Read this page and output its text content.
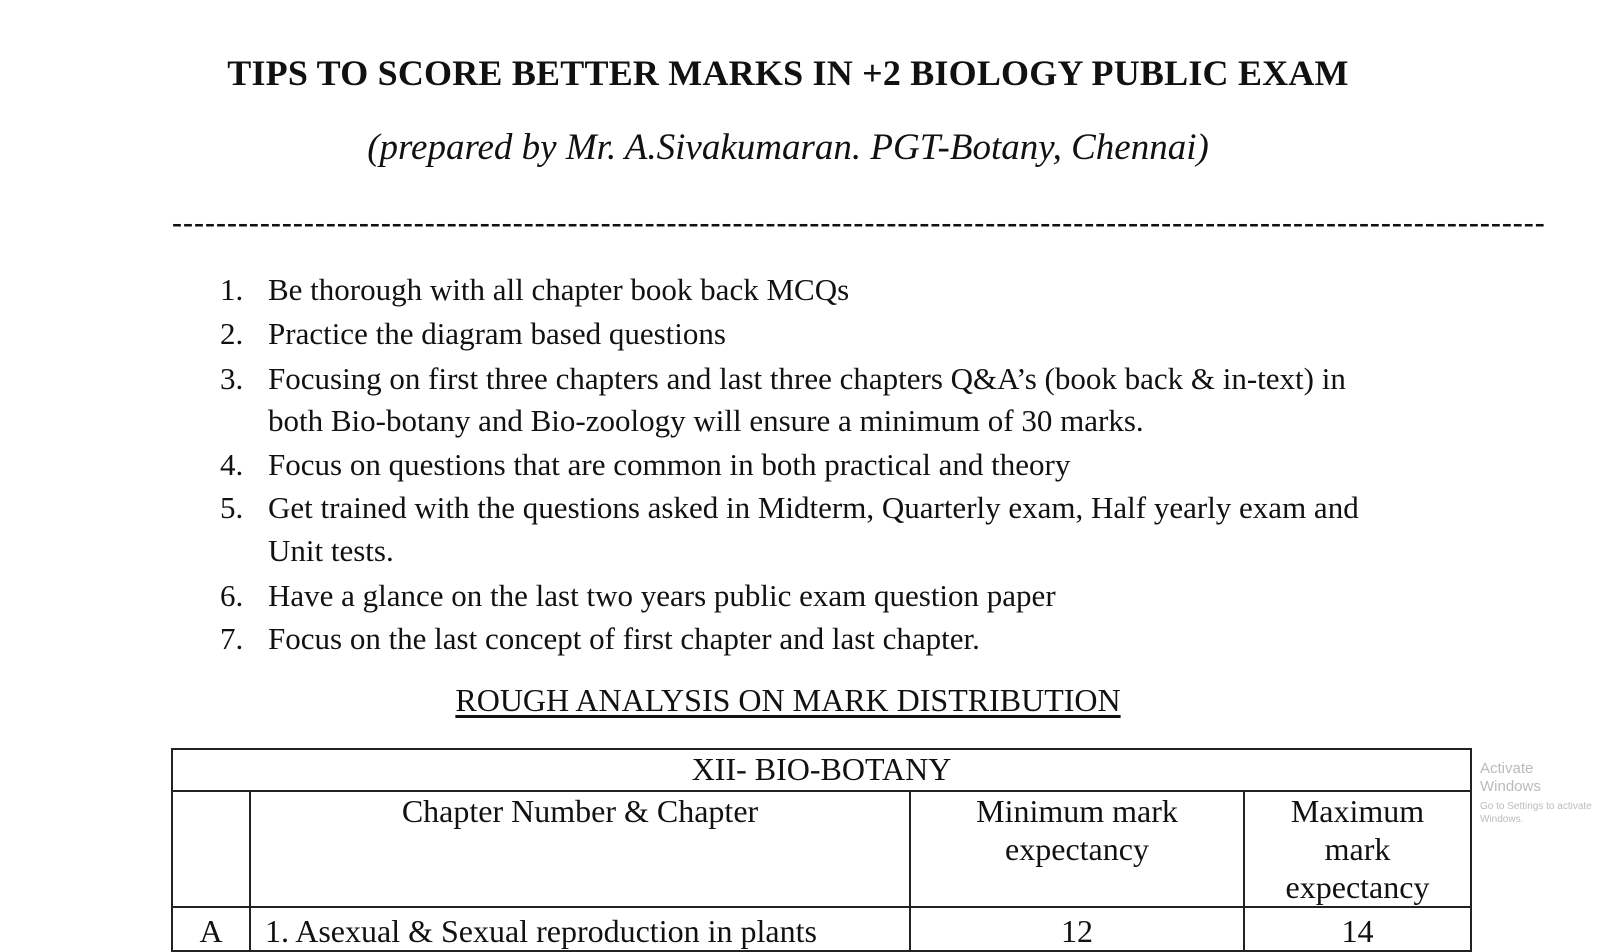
TIPS TO SCORE BETTER MARKS IN +2 BIOLOGY PUBLIC EXAM
(prepared by Mr. A.Sivakumaran. PGT-Botany, Chennai)
-----------------------------------------------------------------------------------------------------------------------------
1. Be thorough with all chapter book back MCQs
2. Practice the diagram based questions
3. Focusing on first three chapters and last three chapters Q&A’s (book back & in-text) in
both Bio-botany and Bio-zoology will ensure a minimum of 30 marks.
4. Focus on questions that are common in both practical and theory
5. Get trained with the questions asked in Midterm, Quarterly exam, Half yearly exam and
Unit tests.
6. Have a glance on the last two years public exam question paper
7. Focus on the last concept of first chapter and last chapter.
ROUGH ANALYSIS ON MARK DISTRIBUTION
XII- BIO-BOTANY			
	Chapter Number & Chapter	Minimum mark expectancy	Maximum mark expectancy
A	1. Asexual & Sexual reproduction in plants	12	14
Activate Windows
Go to Settings to activate Windows.
